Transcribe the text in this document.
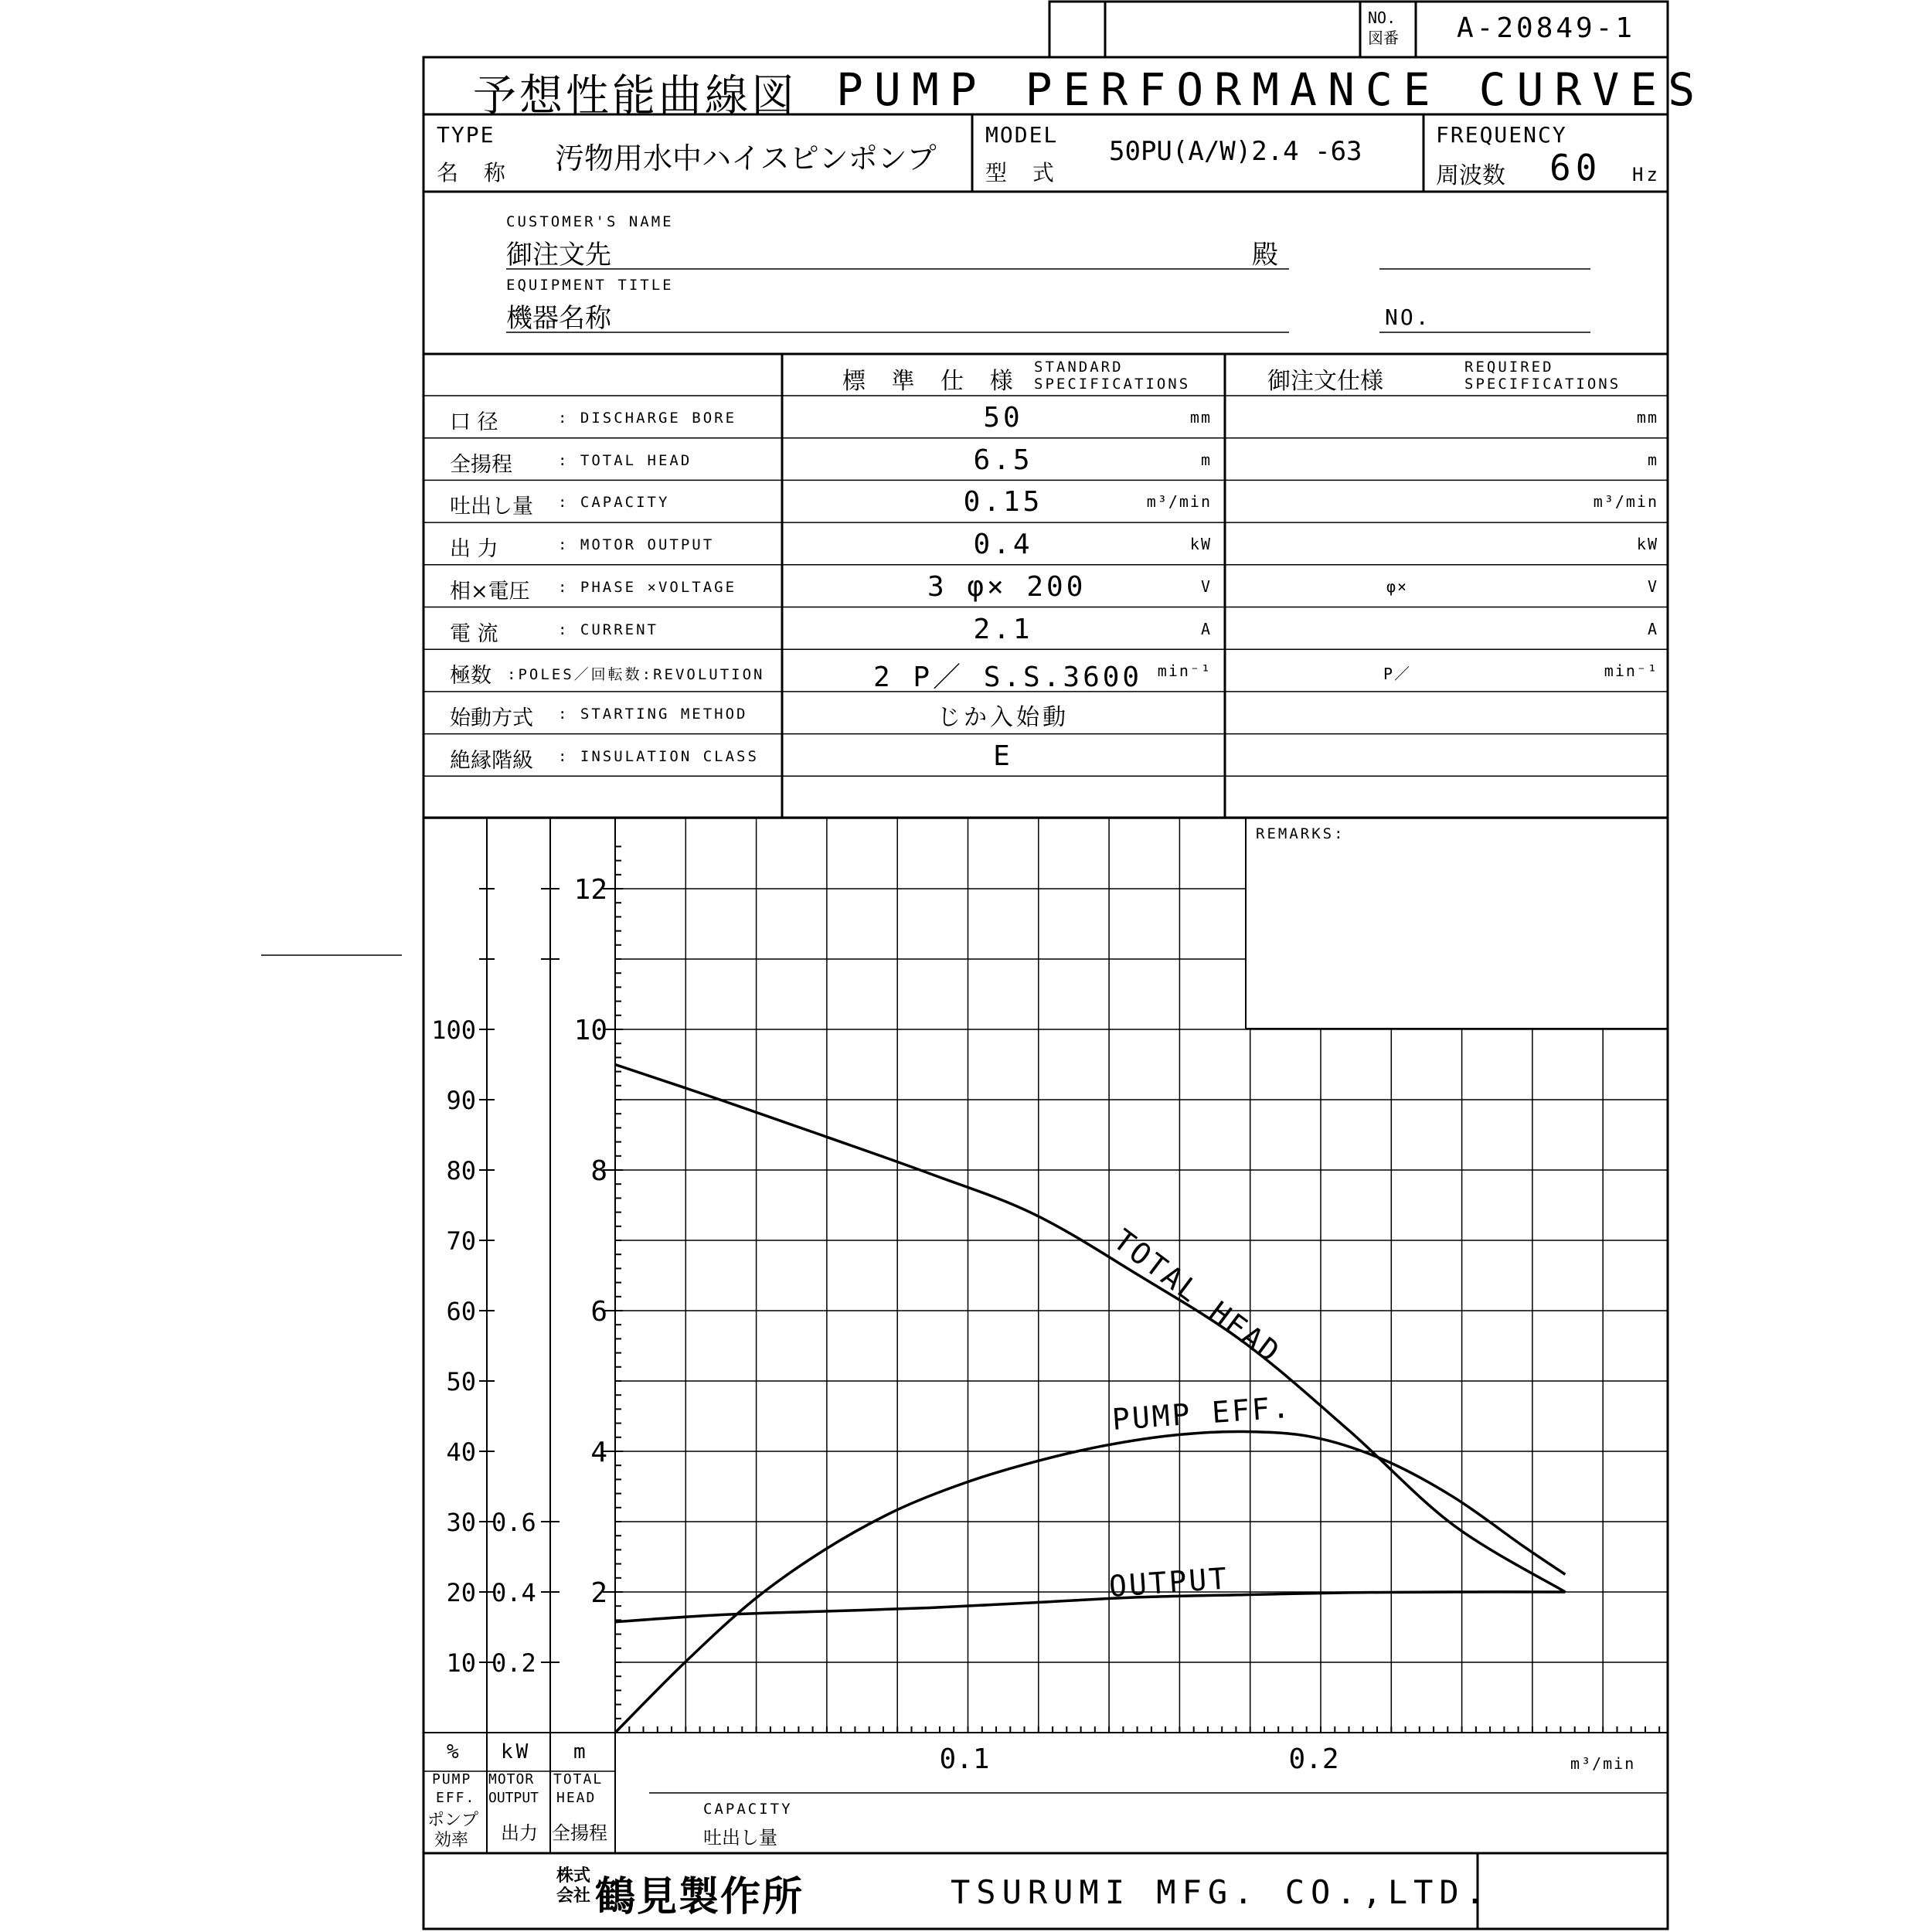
2
4
6
8
10
12
10
20
30
40
50
60
70
80
90
100
0.2
0.4
0.6
0.1	0.2
TOTAL HEAD
PUMP EFF.
OUTPUT
NO.
図番 A-20849-1
予想性能曲線図 PUMP PERFORMANCE CURVES
TYPE
名 称 汚物用水中ハイスピンポンプ
MODEL
型 式
50PU(A/W)2.4 -63
FREQUENCY
周波数 60 Hz
CUSTOMER'S NAME
御注文先	殿
EQUIPMENT TITLE
機器名称	NO.
標 準 仕 様
STANDARD
SPECIFICATIONS	御注文仕様
REQUIRED
SPECIFICATIONS
口 径	: DISCHARGE BORE	50	mm	mm
全揚程	: TOTAL HEAD	6.5	m	m
吐出し量 : CAPACITY	0.15	m³/min	m³/min
出 力	: MOTOR OUTPUT	0.4	kW	kW
相×電圧 : PHASE ×VOLTAGE	3 φ× 200	V	φ×	V
電 流	: CURRENT	2.1	A	A
極数 :POLES／回転数:REVOLUTION	2 P／ S.S.3600 min⁻¹	P／	min⁻¹
始動方式 : STARTING METHOD	じか入始動
絶縁階級 : INSULATION CLASS	E
REMARKS:
% kW m
PUMP
EFF.
ポンプ
効率
MOTOR
OUTPUT
出力
TOTAL
HEAD
全揚程
CAPACITY
吐出し量
m³/min
株式
会社 鶴見製作所	TSURUMI MFG. CO.,LTD.
